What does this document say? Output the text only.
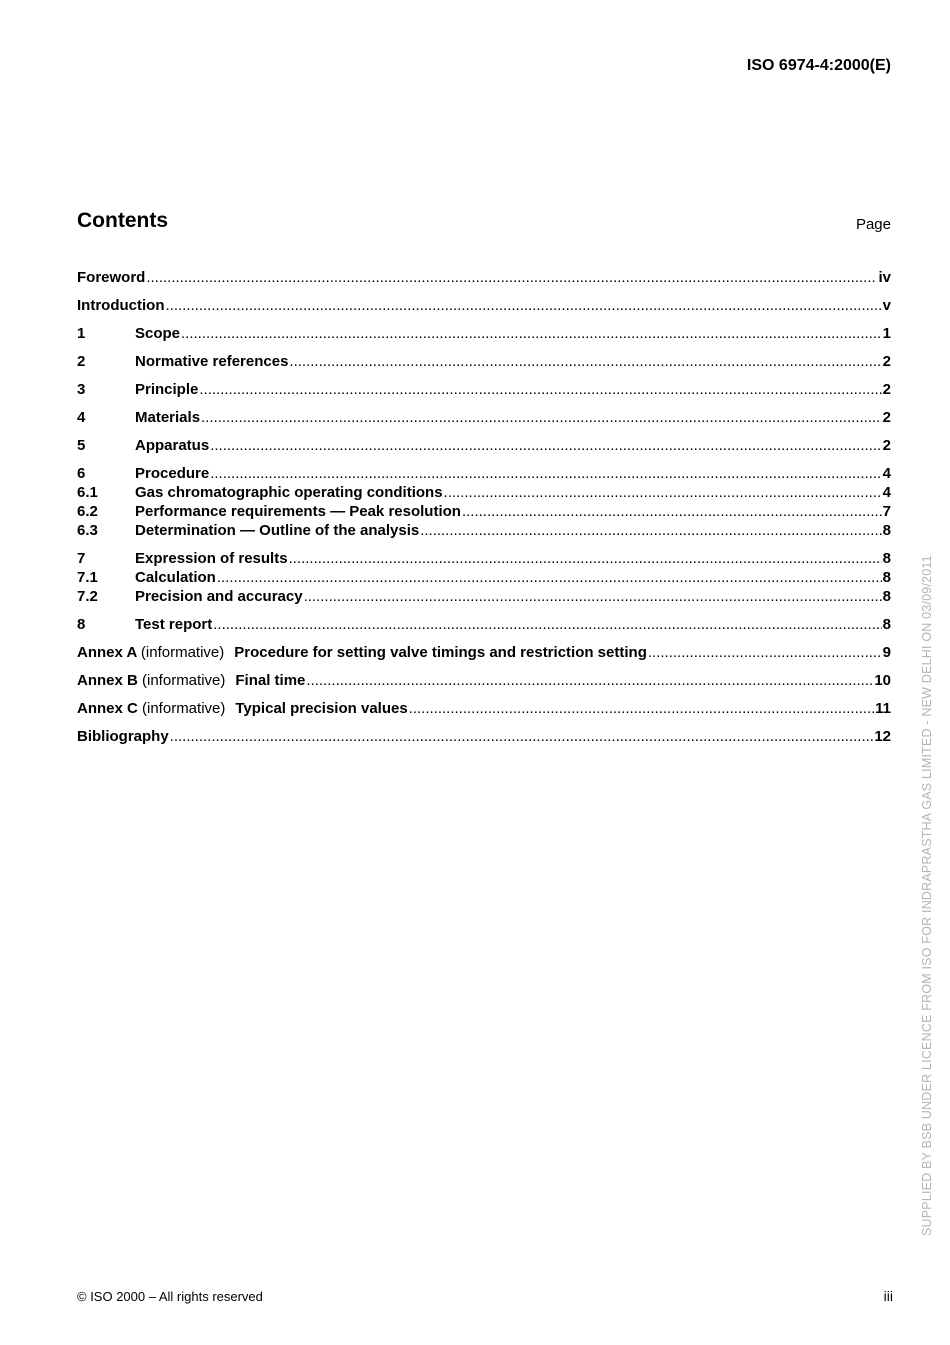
ISO 6974-4:2000(E)
Contents	Page
Foreword .....	iv
Introduction .....	v
1	Scope .....	1
2	Normative references .....	2
3	Principle .....	2
4	Materials .....	2
5	Apparatus .....	2
6	Procedure .....	4
6.1	Gas chromatographic operating conditions .....	4
6.2	Performance requirements — Peak resolution .....	7
6.3	Determination — Outline of the analysis .....	8
7	Expression of results .....	8
7.1	Calculation .....	8
7.2	Precision and accuracy .....	8
8	Test report .....	8
Annex A (informative) Procedure for setting valve timings and restriction setting .....	9
Annex B (informative) Final time .....	10
Annex C (informative) Typical precision values .....	11
Bibliography .....	12 SUPPLIED BY BSB UNDER LICENCE FROM ISO FOR INDRAPRASTHA GAS LIMITED - NEW DELHI ON 03/09/2011
© ISO 2000 – All rights reserved	iii
